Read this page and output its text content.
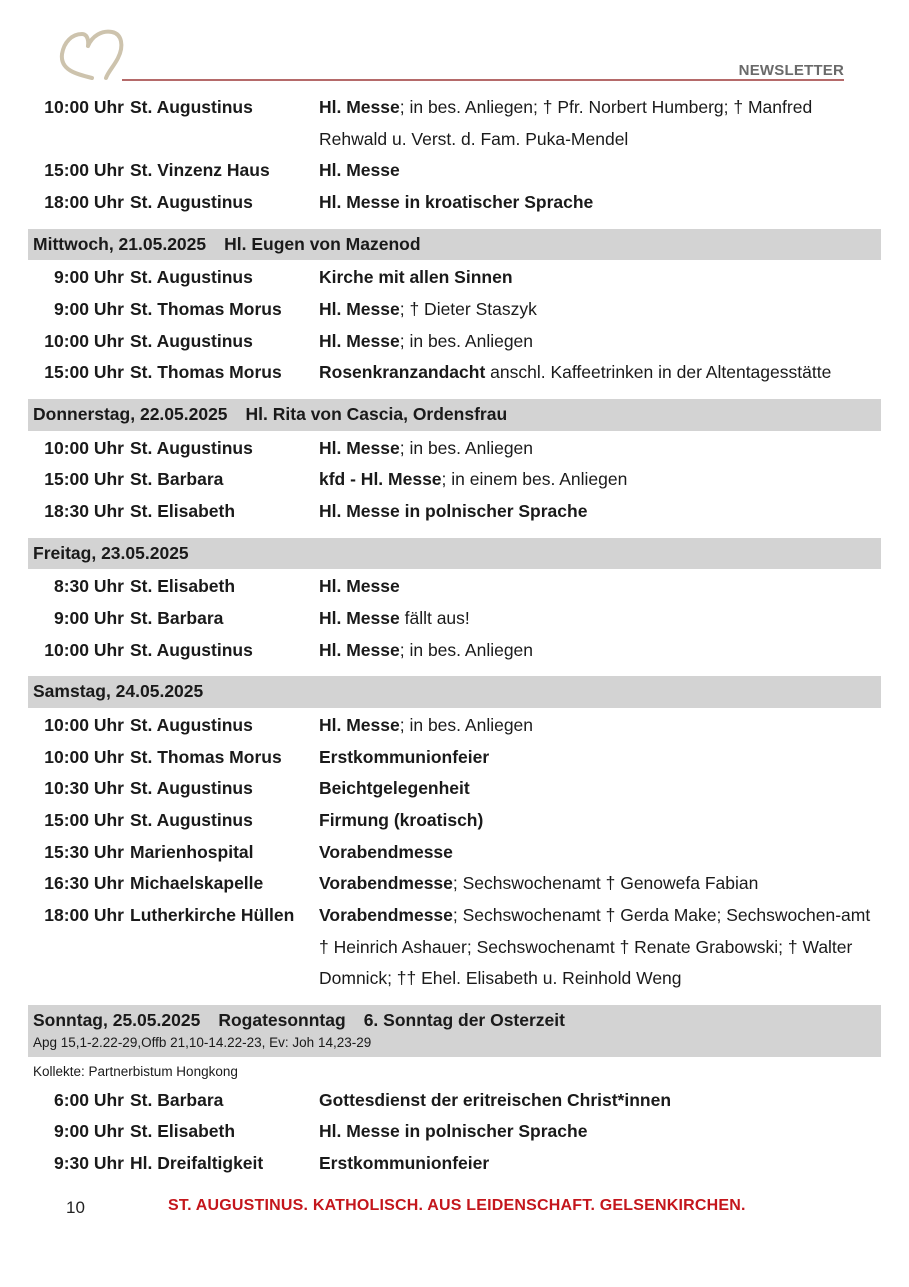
NEWSLETTER
10:00 Uhr St. Augustinus	Hl. Messe; in bes. Anliegen; † Pfr. Norbert Humberg; † Manfred Rehwald u. Verst. d. Fam. Puka-Mendel
15:00 Uhr St. Vinzenz Haus	Hl. Messe
18:00 Uhr St. Augustinus	Hl. Messe in kroatischer Sprache
Mittwoch, 21.05.2025 Hl. Eugen von Mazenod
9:00 Uhr St. Augustinus	Kirche mit allen Sinnen
9:00 Uhr St. Thomas Morus	Hl. Messe; † Dieter Staszyk
10:00 Uhr St. Augustinus	Hl. Messe; in bes. Anliegen
15:00 Uhr St. Thomas Morus	Rosenkranzandacht anschl. Kaffeetrinken in der Altentagesstätte
Donnerstag, 22.05.2025 Hl. Rita von Cascia, Ordensfrau
10:00 Uhr St. Augustinus	Hl. Messe; in bes. Anliegen
15:00 Uhr St. Barbara	kfd - Hl. Messe; in einem bes. Anliegen
18:30 Uhr St. Elisabeth	Hl. Messe in polnischer Sprache
Freitag, 23.05.2025
8:30 Uhr St. Elisabeth	Hl. Messe
9:00 Uhr St. Barbara	Hl. Messe fällt aus!
10:00 Uhr St. Augustinus	Hl. Messe; in bes. Anliegen
Samstag, 24.05.2025
10:00 Uhr St. Augustinus	Hl. Messe; in bes. Anliegen
10:00 Uhr St. Thomas Morus	Erstkommunionfeier
10:30 Uhr St. Augustinus	Beichtgelegenheit
15:00 Uhr St. Augustinus	Firmung (kroatisch)
15:30 Uhr Marienhospital	Vorabendmesse
16:30 Uhr Michaelskapelle	Vorabendmesse; Sechswochenamt † Genowefa Fabian
18:00 Uhr Lutherkirche Hüllen	Vorabendmesse; Sechswochenamt † Gerda Make; Sechswochen-amt † Heinrich Ashauer; Sechswochenamt † Renate Grabowski; † Walter Domnick; †† Ehel. Elisabeth u. Reinhold Weng
Sonntag, 25.05.2025 Rogatesonntag 6. Sonntag der Osterzeit
Apg 15,1-2.22-29,Offb 21,10-14.22-23, Ev: Joh 14,23-29
Kollekte: Partnerbistum Hongkong
6:00 Uhr St. Barbara	Gottesdienst der eritreischen Christ*innen
9:00 Uhr St. Elisabeth	Hl. Messe in polnischer Sprache
9:30 Uhr Hl. Dreifaltigkeit	Erstkommunionfeier
10	ST. AUGUSTINUS. KATHOLISCH. AUS LEIDENSCHAFT. GELSENKIRCHEN.
